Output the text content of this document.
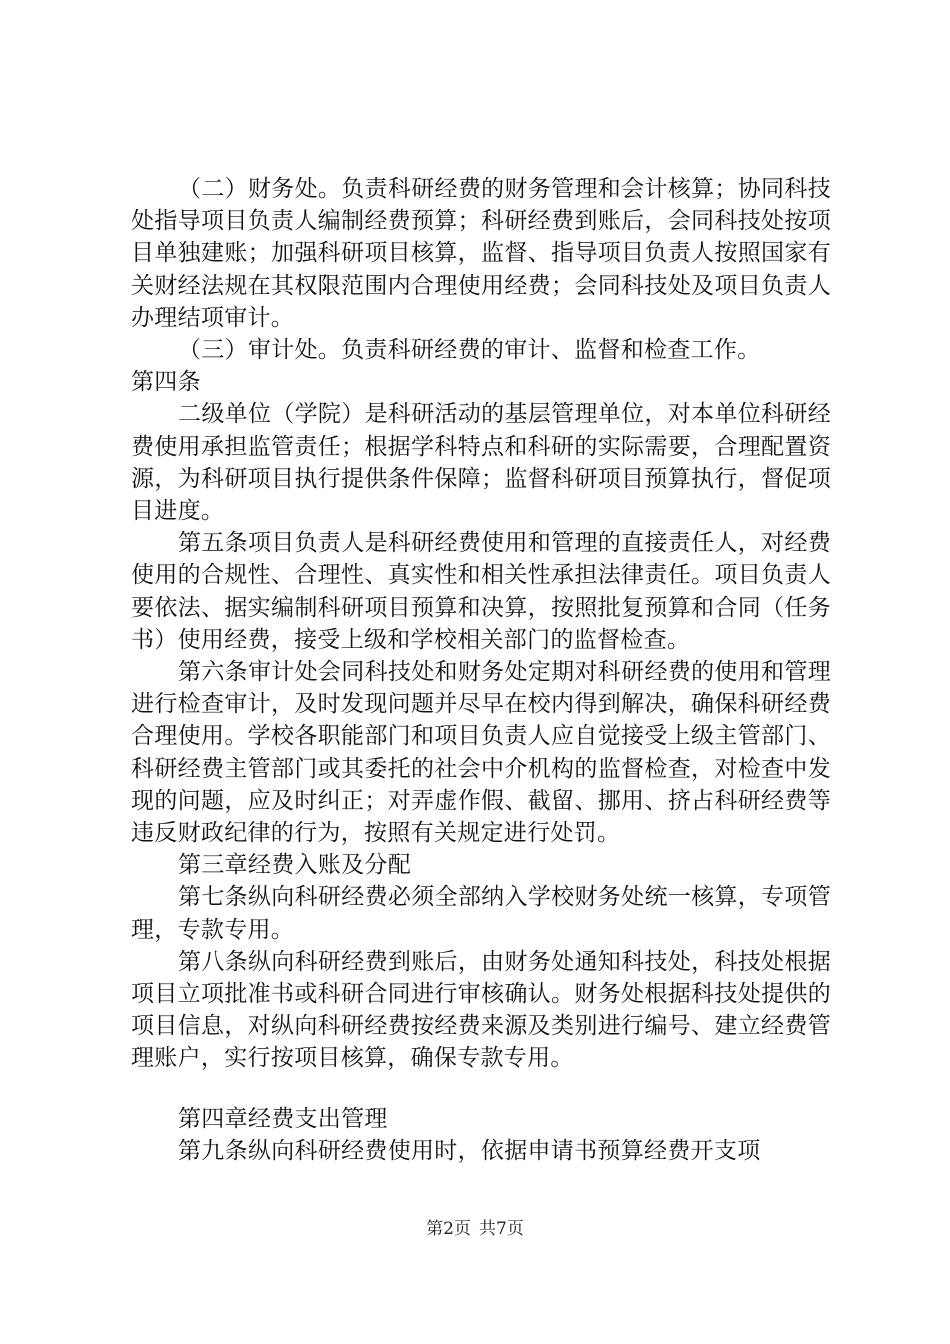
（二）财务处。负责科研经费的财务管理和会计核算；协同科技处指导项目负责人编制经费预算；科研经费到账后，会同科技处按项目单独建账；加强科研项目核算，监督、指导项目负责人按照国家有关财经法规在其权限范围内合理使用经费；会同科技处及项目负责人办理结项审计。

（三）审计处。负责科研经费的审计、监督和检查工作。

第四条

二级单位（学院）是科研活动的基层管理单位，对本单位科研经费使用承担监管责任；根据学科特点和科研的实际需要，合理配置资源，为科研项目执行提供条件保障；监督科研项目预算执行，督促项目进度。

第五条项目负责人是科研经费使用和管理的直接责任人，对经费使用的合规性、合理性、真实性和相关性承担法律责任。项目负责人要依法、据实编制科研项目预算和决算，按照批复预算和合同（任务书）使用经费，接受上级和学校相关部门的监督检查。

第六条审计处会同科技处和财务处定期对科研经费的使用和管理进行检查审计，及时发现问题并尽早在校内得到解决，确保科研经费合理使用。学校各职能部门和项目负责人应自觉接受上级主管部门、科研经费主管部门或其委托的社会中介机构的监督检查，对检查中发现的问题，应及时纠正；对弄虚作假、截留、挪用、挤占科研经费等违反财政纪律的行为，按照有关规定进行处罚。

第三章经费入账及分配

第七条纵向科研经费必须全部纳入学校财务处统一核算，专项管理，专款专用。

第八条纵向科研经费到账后，由财务处通知科技处，科技处根据项目立项批准书或科研合同进行审核确认。财务处根据科技处提供的项目信息，对纵向科研经费按经费来源及类别进行编号、建立经费管理账户，实行按项目核算，确保专款专用。

第四章经费支出管理

第九条纵向科研经费使用时，依据申请书预算经费开支项

第2页 共7页
